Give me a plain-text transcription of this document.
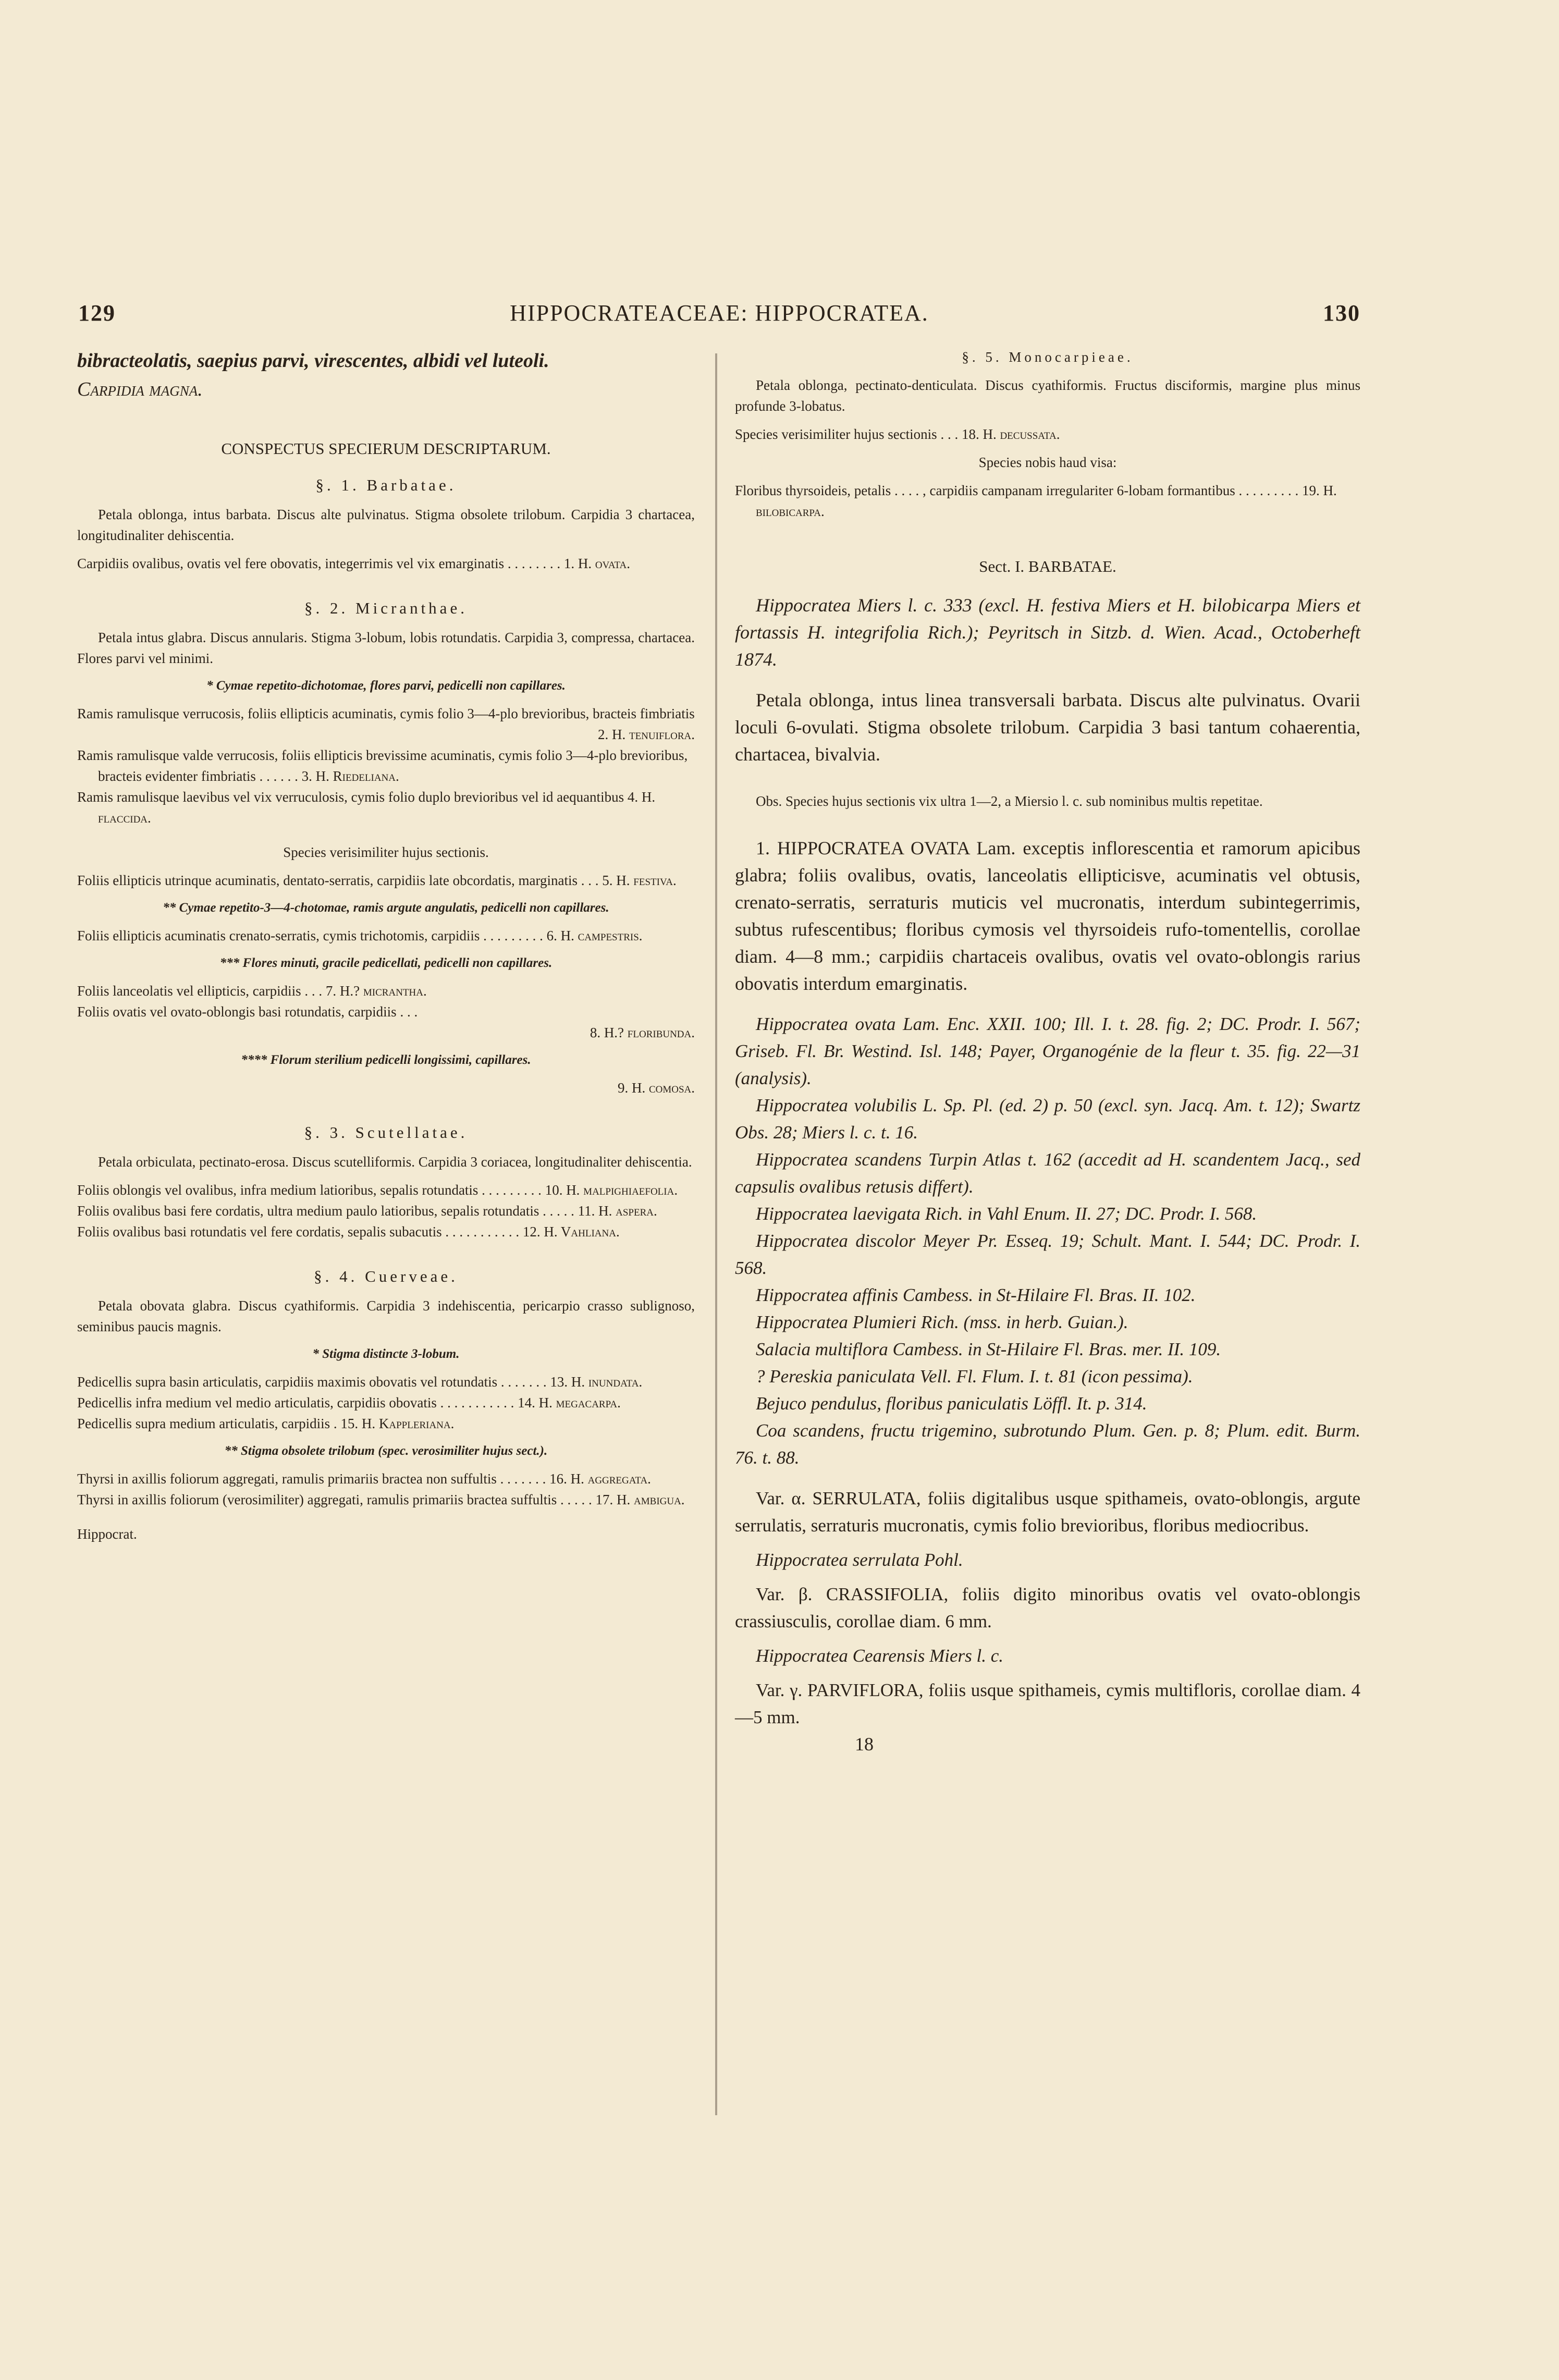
129	HIPPOCRATEACEAE: HIPPOCRATEA.	130

bibracteolatis, saepius parvi, virescentes, albidi vel luteoli.

Carpidia magna.

CONSPECTUS SPECIERUM DESCRIPTARUM.

§. 1. Barbatae.

Petala oblonga, intus barbata. Discus alte pulvinatus. Stigma obsolete trilobum. Carpidia 3 chartacea, longitudinaliter dehiscentia.

Carpidiis ovalibus, ovatis vel fere obovatis, integerrimis vel vix emarginatis . . . . . . . . 1. H. ovata.

§. 2. Micranthae.

Petala intus glabra. Discus annularis. Stigma 3-lobum, lobis rotundatis. Carpidia 3, compressa, chartacea. Flores parvi vel minimi.

* Cymae repetito-dichotomae, flores parvi, pedicelli non capillares.

Ramis ramulisque verrucosis, foliis ellipticis acuminatis, cymis folio 3—4-plo brevioribus, bracteis fimbriatis

2. H. tenuiflora.

Ramis ramulisque valde verrucosis, foliis ellipticis brevissime acuminatis, cymis folio 3—4-plo brevioribus, bracteis evidenter fimbriatis . . . . . . 3. H. Riedeliana.

Ramis ramulisque laevibus vel vix verruculosis, cymis folio duplo brevioribus vel id aequantibus 4. H. flaccida.

Species verisimiliter hujus sectionis.

Foliis ellipticis utrinque acuminatis, dentato-serratis, carpidiis late obcordatis, marginatis . . . 5. H. festiva.

** Cymae repetito-3—4-chotomae, ramis argute angulatis, pedicelli non capillares.

Foliis ellipticis acuminatis crenato-serratis, cymis trichotomis, carpidiis . . . . . . . . . 6. H. campestris.

*** Flores minuti, gracile pedicellati, pedicelli non capillares.

Foliis lanceolatis vel ellipticis, carpidiis . . . 7. H.? micrantha.

Foliis ovatis vel ovato-oblongis basi rotundatis, carpidiis . . .

8. H.? floribunda.

**** Florum sterilium pedicelli longissimi, capillares.

9. H. comosa.

§. 3. Scutellatae.

Petala orbiculata, pectinato-erosa. Discus scutelliformis. Carpidia 3 coriacea, longitudinaliter dehiscentia.

Foliis oblongis vel ovalibus, infra medium latioribus, sepalis rotundatis . . . . . . . . . 10. H. malpighiaefolia.

Foliis ovalibus basi fere cordatis, ultra medium paulo latioribus, sepalis rotundatis . . . . . 11. H. aspera.

Foliis ovalibus basi rotundatis vel fere cordatis, sepalis subacutis . . . . . . . . . . . 12. H. Vahliana.

§. 4. Cuerveae.

Petala obovata glabra. Discus cyathiformis. Carpidia 3 indehiscentia, pericarpio crasso sublignoso, seminibus paucis magnis.

* Stigma distincte 3-lobum.

Pedicellis supra basin articulatis, carpidiis maximis obovatis vel rotundatis . . . . . . . 13. H. inundata.

Pedicellis infra medium vel medio articulatis, carpidiis obovatis . . . . . . . . . . . 14. H. megacarpa.

Pedicellis supra medium articulatis, carpidiis . 15. H. Kappleriana.

** Stigma obsolete trilobum (spec. verosimiliter hujus sect.).

Thyrsi in axillis foliorum aggregati, ramulis primariis bractea non suffultis . . . . . . . 16. H. aggregata.

Thyrsi in axillis foliorum (verosimiliter) aggregati, ramulis primariis bractea suffultis . . . . . 17. H. ambigua.

Hippocrat.

§. 5. Monocarpieae.

Petala oblonga, pectinato-denticulata. Discus cyathiformis. Fructus disciformis, margine plus minus profunde 3-lobatus.

Species verisimiliter hujus sectionis . . . 18. H. decussata.

Species nobis haud visa:

Floribus thyrsoideis, petalis . . . . , carpidiis campanam irregulariter 6-lobam formantibus . . . . . . . . . 19. H. bilobicarpa.

Sect. I. BARBATAE.

Hippocratea Miers l. c. 333 (excl. H. festiva Miers et H. bilobicarpa Miers et fortassis H. integrifolia Rich.); Peyritsch in Sitzb. d. Wien. Acad., Octoberheft 1874.

Petala oblonga, intus linea transversali barbata. Discus alte pulvinatus. Ovarii loculi 6-ovulati. Stigma obsolete trilobum. Carpidia 3 basi tantum cohaerentia, chartacea, bivalvia.

Obs. Species hujus sectionis vix ultra 1—2, a Miersio l. c. sub nominibus multis repetitae.

1. HIPPOCRATEA OVATA Lam. exceptis inflorescentia et ramorum apicibus glabra; foliis ovalibus, ovatis, lanceolatis ellipticisve, acuminatis vel obtusis, crenato-serratis, serraturis muticis vel mucronatis, interdum subintegerrimis, subtus rufescentibus; floribus cymosis vel thyrsoideis rufo-tomentellis, corollae diam. 4—8 mm.; carpidiis chartaceis ovalibus, ovatis vel ovato-oblongis rarius obovatis interdum emarginatis.

Hippocratea ovata Lam. Enc. XXII. 100; Ill. I. t. 28. fig. 2; DC. Prodr. I. 567; Griseb. Fl. Br. Westind. Isl. 148; Payer, Organogénie de la fleur t. 35. fig. 22—31 (analysis).

Hippocratea volubilis L. Sp. Pl. (ed. 2) p. 50 (excl. syn. Jacq. Am. t. 12); Swartz Obs. 28; Miers l. c. t. 16.

Hippocratea scandens Turpin Atlas t. 162 (accedit ad H. scandentem Jacq., sed capsulis ovalibus retusis differt).

Hippocratea laevigata Rich. in Vahl Enum. II. 27; DC. Prodr. I. 568.

Hippocratea discolor Meyer Pr. Esseq. 19; Schult. Mant. I. 544; DC. Prodr. I. 568.

Hippocratea affinis Cambess. in St-Hilaire Fl. Bras. II. 102.

Hippocratea Plumieri Rich. (mss. in herb. Guian.).

Salacia multiflora Cambess. in St-Hilaire Fl. Bras. mer. II. 109.

? Pereskia paniculata Vell. Fl. Flum. I. t. 81 (icon pessima).

Bejuco pendulus, floribus paniculatis Löffl. It. p. 314.

Coa scandens, fructu trigemino, subrotundo Plum. Gen. p. 8; Plum. edit. Burm. 76. t. 88.

Var. α. SERRULATA, foliis digitalibus usque spithameis, ovato-oblongis, argute serrulatis, serraturis mucronatis, cymis folio brevioribus, floribus mediocribus.

Hippocratea serrulata Pohl.

Var. β. CRASSIFOLIA, foliis digito minoribus ovatis vel ovato-oblongis crassiusculis, corollae diam. 6 mm.

Hippocratea Cearensis Miers l. c.

Var. γ. PARVIFLORA, foliis usque spithameis, cymis multifloris, corollae diam. 4—5 mm.

18
